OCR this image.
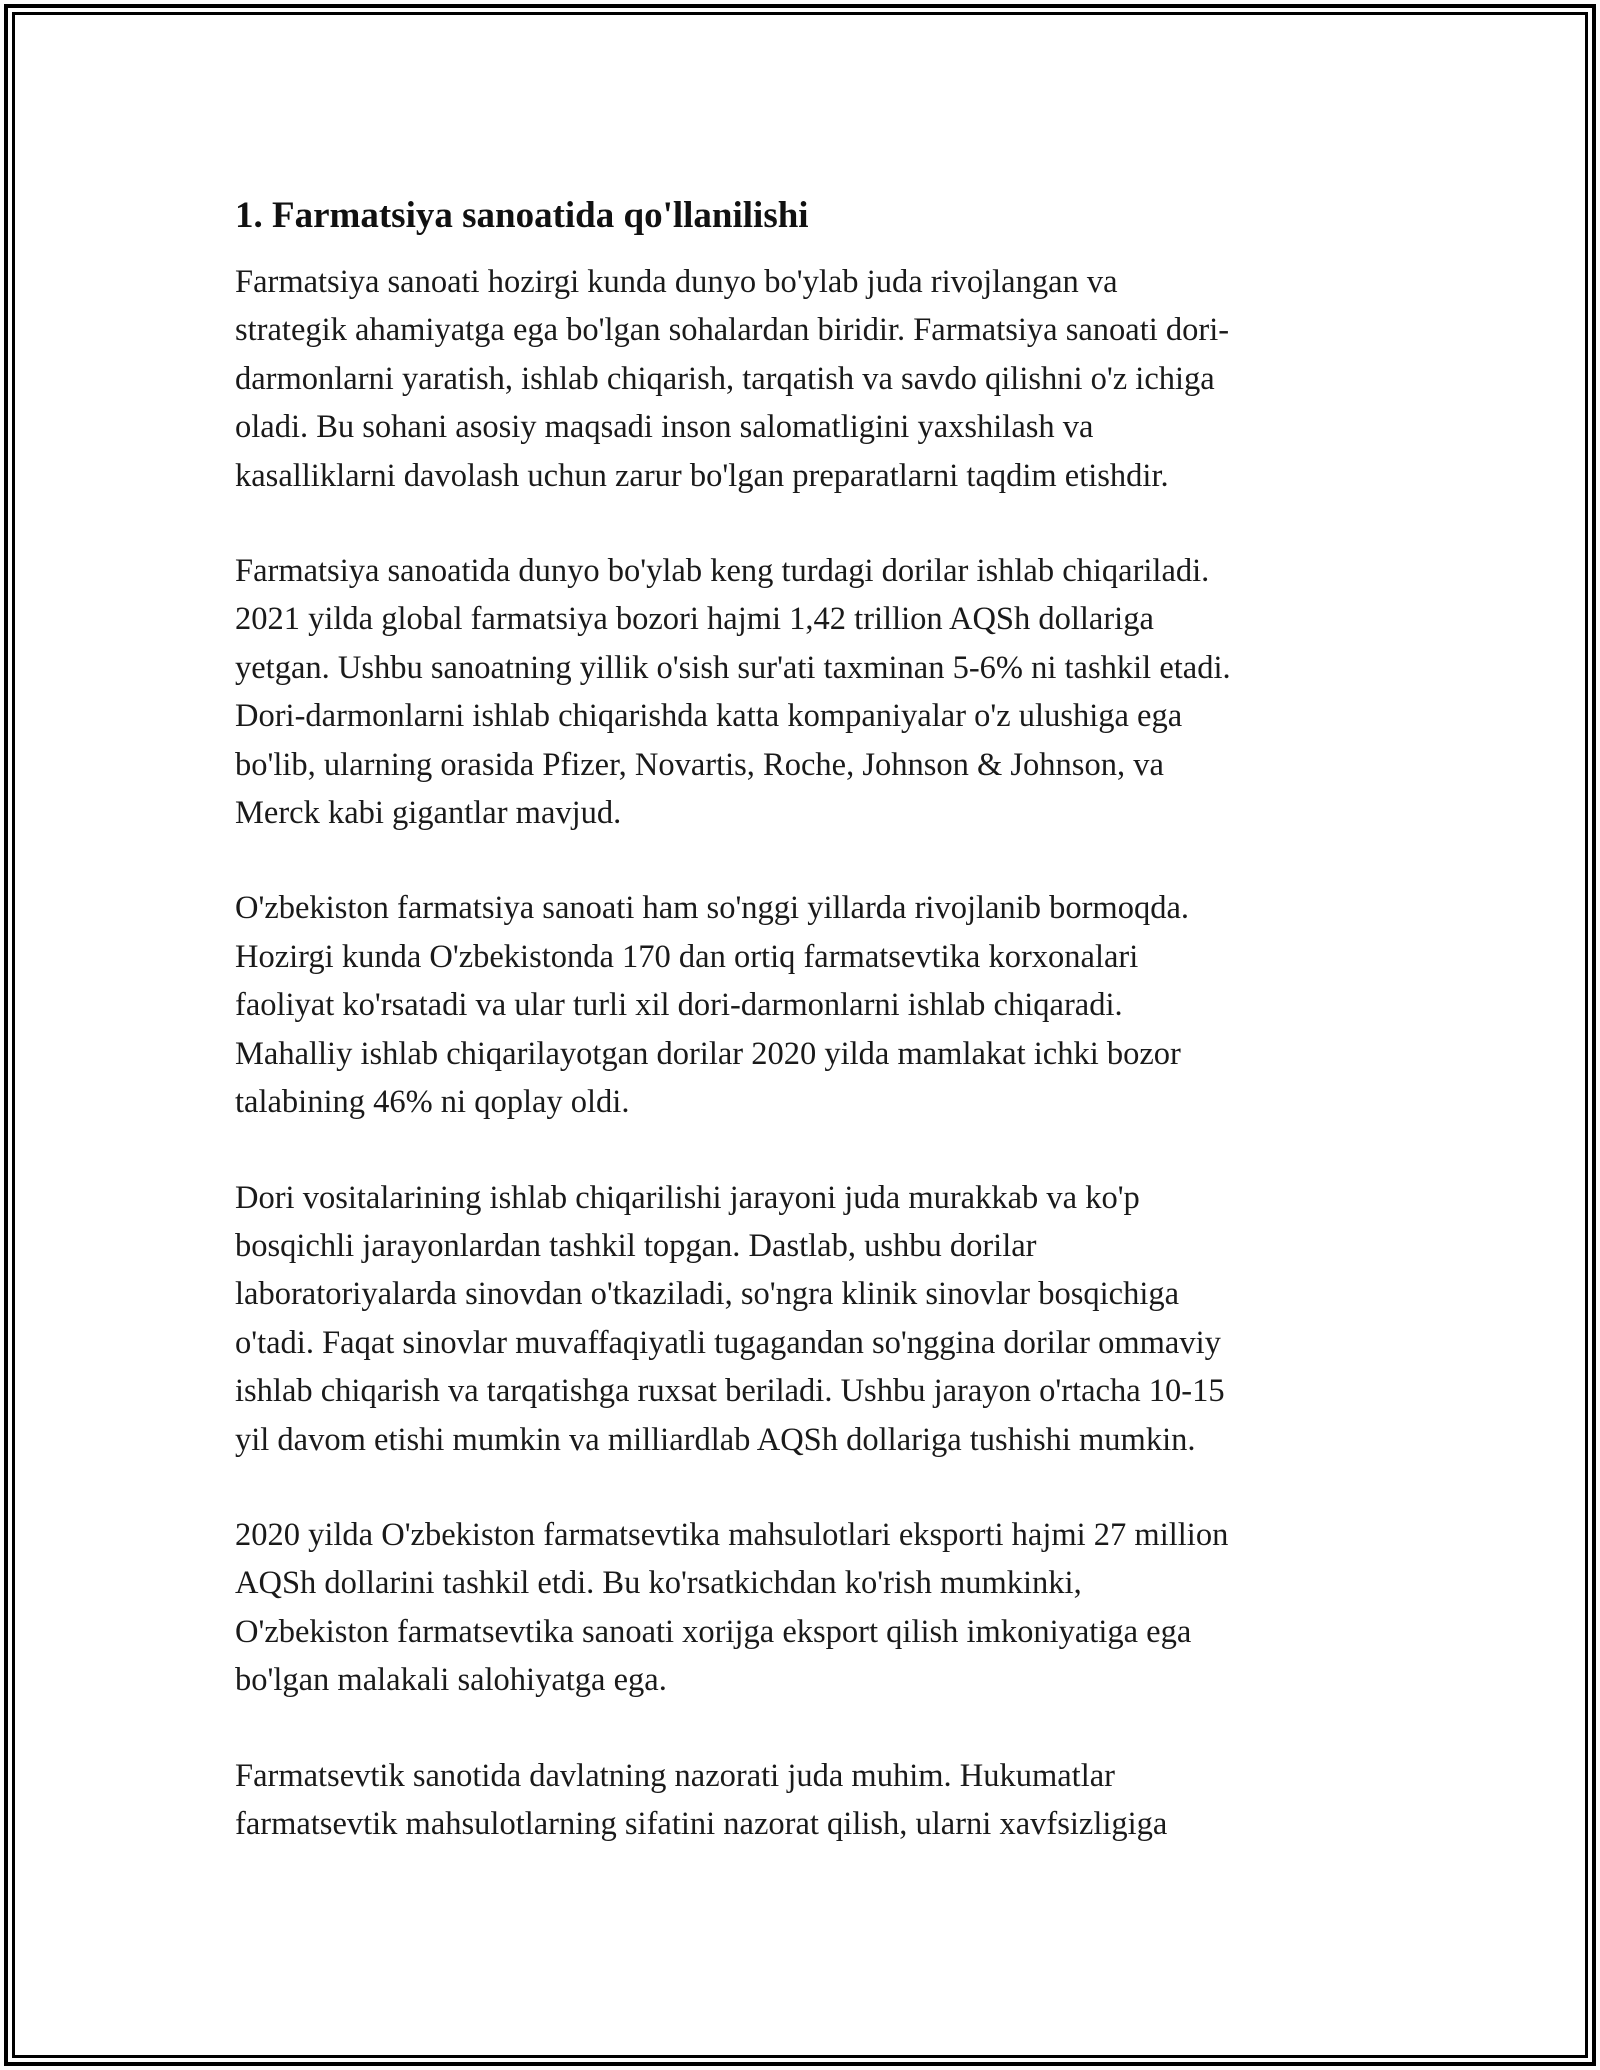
1. Farmatsiya sanoatida qo'llanilishi
Farmatsiya sanoati hozirgi kunda dunyo bo'ylab juda rivojlangan va
strategik ahamiyatga ega bo'lgan sohalardan biridir. Farmatsiya sanoati dori-
darmonlarni yaratish, ishlab chiqarish, tarqatish va savdo qilishni o'z ichiga
oladi. Bu sohani asosiy maqsadi inson salomatligini yaxshilash va
kasalliklarni davolash uchun zarur bo'lgan preparatlarni taqdim etishdir.
Farmatsiya sanoatida dunyo bo'ylab keng turdagi dorilar ishlab chiqariladi.
2021 yilda global farmatsiya bozori hajmi 1,42 trillion AQSh dollariga
yetgan. Ushbu sanoatning yillik o'sish sur'ati taxminan 5-6% ni tashkil etadi.
Dori-darmonlarni ishlab chiqarishda katta kompaniyalar o'z ulushiga ega
bo'lib, ularning orasida Pfizer, Novartis, Roche, Johnson & Johnson, va
Merck kabi gigantlar mavjud.
O'zbekiston farmatsiya sanoati ham so'nggi yillarda rivojlanib bormoqda.
Hozirgi kunda O'zbekistonda 170 dan ortiq farmatsevtika korxonalari
faoliyat ko'rsatadi va ular turli xil dori-darmonlarni ishlab chiqaradi.
Mahalliy ishlab chiqarilayotgan dorilar 2020 yilda mamlakat ichki bozor
talabining 46% ni qoplay oldi.
Dori vositalarining ishlab chiqarilishi jarayoni juda murakkab va ko'p
bosqichli jarayonlardan tashkil topgan. Dastlab, ushbu dorilar
laboratoriyalarda sinovdan o'tkaziladi, so'ngra klinik sinovlar bosqichiga
o'tadi. Faqat sinovlar muvaffaqiyatli tugagandan so'nggina dorilar ommaviy
ishlab chiqarish va tarqatishga ruxsat beriladi. Ushbu jarayon o'rtacha 10-15
yil davom etishi mumkin va milliardlab AQSh dollariga tushishi mumkin.
2020 yilda O'zbekiston farmatsevtika mahsulotlari eksporti hajmi 27 million
AQSh dollarini tashkil etdi. Bu ko'rsatkichdan ko'rish mumkinki,
O'zbekiston farmatsevtika sanoati xorijga eksport qilish imkoniyatiga ega
bo'lgan malakali salohiyatga ega.
Farmatsevtik sanotida davlatning nazorati juda muhim. Hukumatlar
farmatsevtik mahsulotlarning sifatini nazorat qilish, ularni xavfsizligiga
